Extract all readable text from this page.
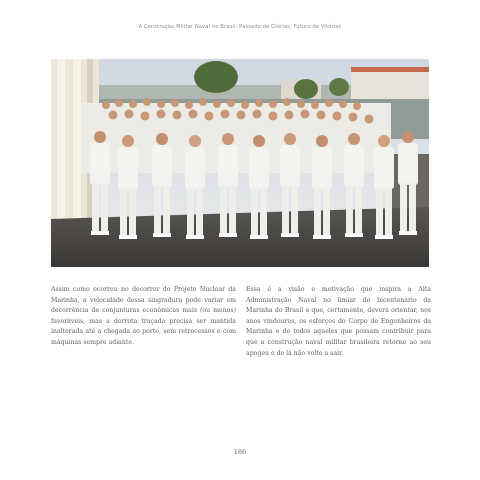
A Construção Militar Naval no Brasil: Passado de Glórias, Futuro de Vitórias

Assim como ocorreu no decorrer do Projeto Nuclear da Marinha, a velocidade dessa singradura pode variar em decorrência de conjunturas econômicas mais (ou menos) favoráveis, mas a derrota traçada precisa ser mantida inalterada até a chegada ao porto, sem retrocessos e com máquinas sempre adiante.

Essa é a visão e motivação que inspira a Alta Administração Naval no limiar do bicentenário da Marinha do Brasil e que, certamente, deverá orientar, nos anos vindouros, os esforços do Corpo de Engenheiros da Marinha e de todos aqueles que possam contribuir para que a construção naval militar brasileira retorne ao seu apogeu e de lá não volte a sair.

186
